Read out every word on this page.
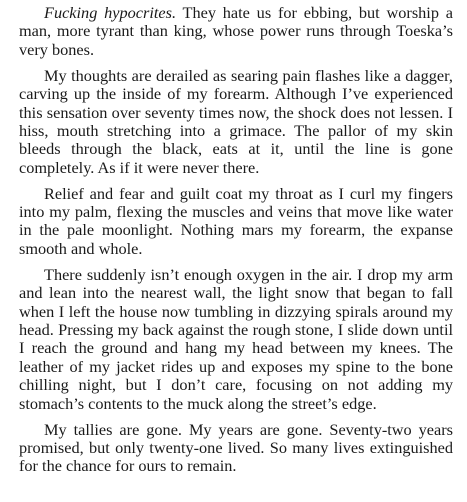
Fucking hypocrites. They hate us for ebbing, but worship a man, more tyrant than king, whose power runs through Toeska’s very bones.

My thoughts are derailed as searing pain flashes like a dagger, carving up the inside of my forearm. Although I’ve experienced this sensation over seventy times now, the shock does not lessen. I hiss, mouth stretching into a grimace. The pallor of my skin bleeds through the black, eats at it, until the line is gone completely. As if it were never there.

Relief and fear and guilt coat my throat as I curl my fingers into my palm, flexing the muscles and veins that move like water in the pale moonlight. Nothing mars my forearm, the expanse smooth and whole.

There suddenly isn’t enough oxygen in the air. I drop my arm and lean into the nearest wall, the light snow that began to fall when I left the house now tumbling in dizzying spirals around my head. Pressing my back against the rough stone, I slide down until I reach the ground and hang my head between my knees. The leather of my jacket rides up and exposes my spine to the bone chilling night, but I don’t care, focusing on not adding my stomach’s contents to the muck along the street’s edge.

My tallies are gone. My years are gone. Seventy-two years promised, but only twenty-one lived. So many lives extinguished for the chance for ours to remain.
